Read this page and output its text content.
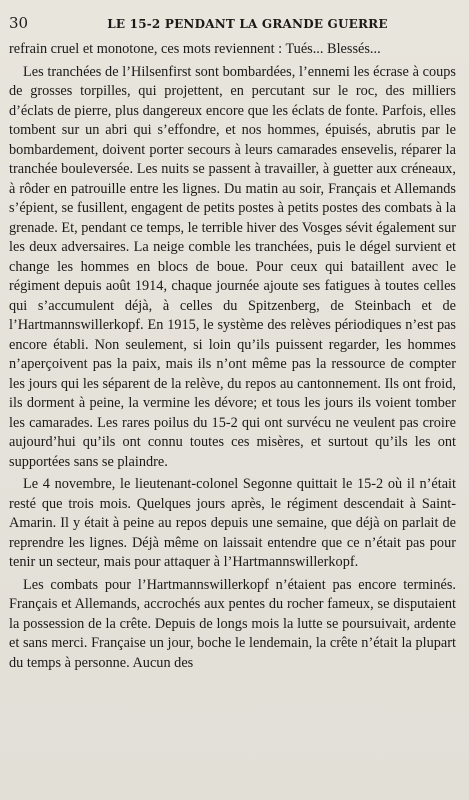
30	LE 15-2 PENDANT LA GRANDE GUERRE

refrain cruel et monotone, ces mots reviennent : Tués... Blessés...

Les tranchées de l’Hilsenfirst sont bombardées, l’ennemi les écrase à coups de grosses torpilles, qui projettent, en percutant sur le roc, des milliers d’éclats de pierre, plus dangereux encore que les éclats de fonte. Parfois, elles tombent sur un abri qui s’effondre, et nos hommes, épuisés, abrutis par le bombardement, doivent porter secours à leurs camarades ensevelis, réparer la tranchée bouleversée. Les nuits se passent à travailler, à guetter aux créneaux, à rôder en patrouille entre les lignes. Du matin au soir, Français et Allemands s’épient, se fusillent, engagent de petits postes à petits postes des combats à la grenade. Et, pendant ce temps, le terrible hiver des Vosges sévit également sur les deux adversaires. La neige comble les tranchées, puis le dégel survient et change les hommes en blocs de boue. Pour ceux qui bataillent avec le régiment depuis août 1914, chaque journée ajoute ses fatigues à toutes celles qui s’accumulent déjà, à celles du Spitzenberg, de Steinbach et de l’Hartmannswillerkopf. En 1915, le système des relèves périodiques n’est pas encore établi. Non seulement, si loin qu’ils puissent regarder, les hommes n’aperçoivent pas la paix, mais ils n’ont même pas la ressource de compter les jours qui les séparent de la relève, du repos au cantonnement. Ils ont froid, ils dorment à peine, la vermine les dévore; et tous les jours ils voient tomber les camarades. Les rares poilus du 15-2 qui ont survécu ne veulent pas croire aujourd’hui qu’ils ont connu toutes ces misères, et surtout qu’ils les ont supportées sans se plaindre.

Le 4 novembre, le lieutenant-colonel Segonne quittait le 15-2 où il n’était resté que trois mois. Quelques jours après, le régiment descendait à Saint-Amarin. Il y était à peine au repos depuis une semaine, que déjà on parlait de reprendre les lignes. Déjà même on laissait entendre que ce n’était pas pour tenir un secteur, mais pour attaquer à l’Hartmannswillerkopf.

Les combats pour l’Hartmannswillerkopf n’étaient pas encore terminés. Français et Allemands, accrochés aux pentes du rocher fameux, se disputaient la possession de la crête. Depuis de longs mois la lutte se poursuivait, ardente et sans merci. Française un jour, boche le lendemain, la crête n’était la plupart du temps à personne. Aucun des
